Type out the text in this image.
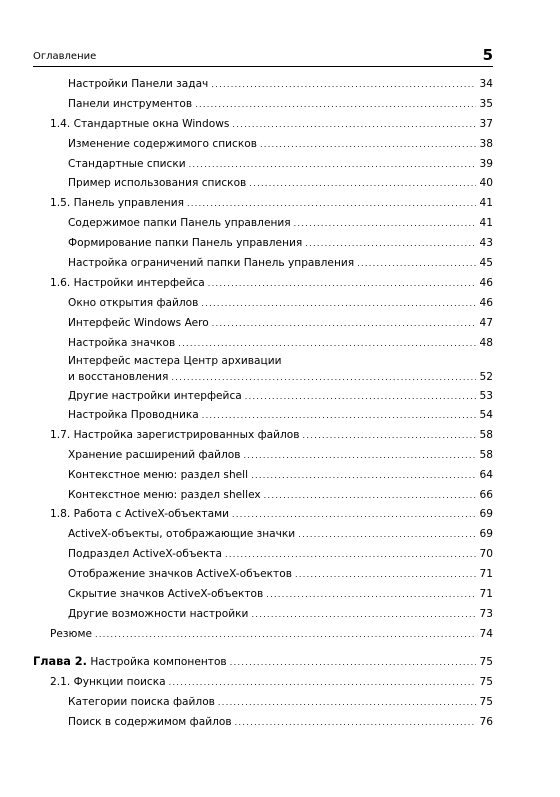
Оглавление	5
Настройки Панели задач . . .	34
Панели инструментов . . .	35
1.4. Стандартные окна Windows . . .	37
Изменение содержимого списков . . .	38
Стандартные списки . . .	39
Пример использования списков . . .	40
1.5. Панель управления . . .	41
Содержимое папки Панель управления . . .	41
Формирование папки Панель управления . . .	43
Настройка ограничений папки Панель управления . . .	45
1.6. Настройки интерфейса . . .	46
Окно открытия файлов . . .	46
Интерфейс Windows Aero . . .	47
Настройка значков . . .	48
Интерфейс мастера Центр архивации
и восстановления . . .	52
Другие настройки интерфейса . . .	53
Настройка Проводника . . .	54
1.7. Настройка зарегистрированных файлов . . .	58
Хранение расширений файлов . . .	58
Контекстное меню: раздел shell . . .	64
Контекстное меню: раздел shellex . . .	66
1.8. Работа с ActiveX-объектами . . .	69
ActiveX-объекты, отображающие значки . . .	69
Подраздел ActiveX-объекта . . .	70
Отображение значков ActiveX-объектов . . .	71
Скрытие значков ActiveX-объектов . . .	71
Другие возможности настройки . . .	73
Резюме . . .	74
Глава 2. Настройка компонентов . . .	75
2.1. Функции поиска . . .	75
Категории поиска файлов . . .	75
Поиск в содержимом файлов . . .	76
